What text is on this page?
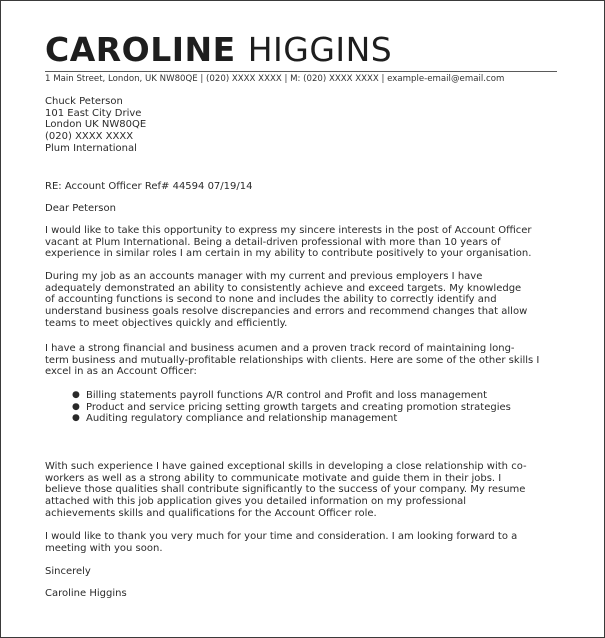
CAROLINE HIGGINS
1 Main Street, London, UK NW80QE | (020) XXXX XXXX | M: (020) XXXX XXXX | example-email@email.com
Chuck Peterson
101 East City Drive
London UK NW80QE
(020) XXXX XXXX
Plum International
RE: Account Officer Ref# 44594 07/19/14
Dear Peterson
I would like to take this opportunity to express my sincere interests in the post of Account Officer
vacant at Plum International. Being a detail-driven professional with more than 10 years of
experience in similar roles I am certain in my ability to contribute positively to your organisation.
During my job as an accounts manager with my current and previous employers I have
adequately demonstrated an ability to consistently achieve and exceed targets. My knowledge
of accounting functions is second to none and includes the ability to correctly identify and
understand business goals resolve discrepancies and errors and recommend changes that allow
teams to meet objectives quickly and efficiently.
I have a strong financial and business acumen and a proven track record of maintaining long-
term business and mutually-profitable relationships with clients. Here are some of the other skills I
excel in as an Account Officer:
● Billing statements payroll functions A/R control and Profit and loss management
● Product and service pricing setting growth targets and creating promotion strategies
● Auditing regulatory compliance and relationship management
With such experience I have gained exceptional skills in developing a close relationship with co-
workers as well as a strong ability to communicate motivate and guide them in their jobs. I
believe those qualities shall contribute significantly to the success of your company. My resume
attached with this job application gives you detailed information on my professional
achievements skills and qualifications for the Account Officer role.
I would like to thank you very much for your time and consideration. I am looking forward to a
meeting with you soon.
Sincerely
Caroline Higgins
